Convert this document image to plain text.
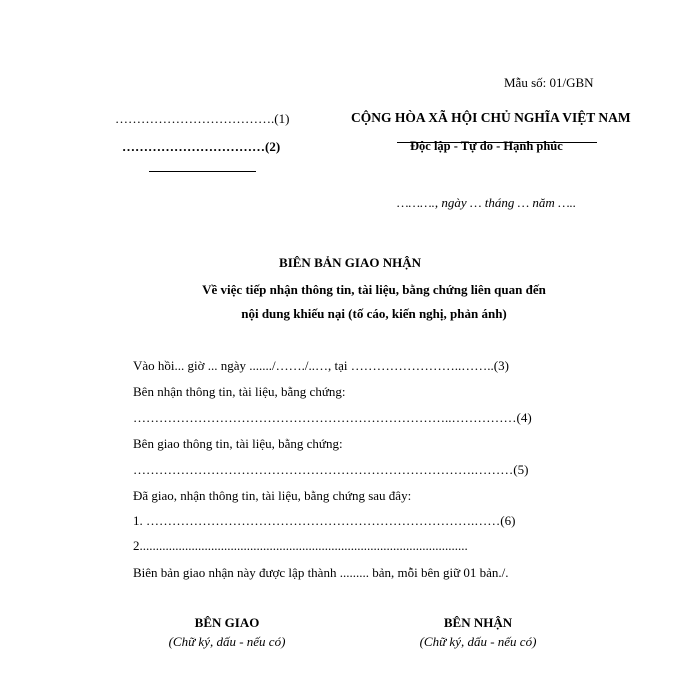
Mẫu số: 01/GBN
……………………………….(1)
……………………………(2)
CỘNG HÒA XÃ HỘI CHỦ NGHĨA VIỆT NAM
Độc lập - Tự do - Hạnh phúc
………., ngày … tháng … năm …..
BIÊN BẢN GIAO NHẬN
Về việc tiếp nhận thông tin, tài liệu, bằng chứng liên quan đến
nội dung khiếu nại (tố cáo, kiến nghị, phản ánh)
Vào hồi... giờ ... ngày ......./……./..…, tại ……………………..……..(3)
Bên nhận thông tin, tài liệu, bằng chứng:
………………………………………………………………..……………(4)
Bên giao thông tin, tài liệu, bằng chứng:
…………………………………………………………………….………(5)
Đã giao, nhận thông tin, tài liệu, bằng chứng sau đây:
1. ………………………………………………………………….……(6)
2.....................................................................................................
Biên bản giao nhận này được lập thành ......... bản, mỗi bên giữ 01 bản./.
BÊN GIAO
(Chữ ký, dấu - nếu có)
BÊN NHẬN
(Chữ ký, dấu - nếu có)
